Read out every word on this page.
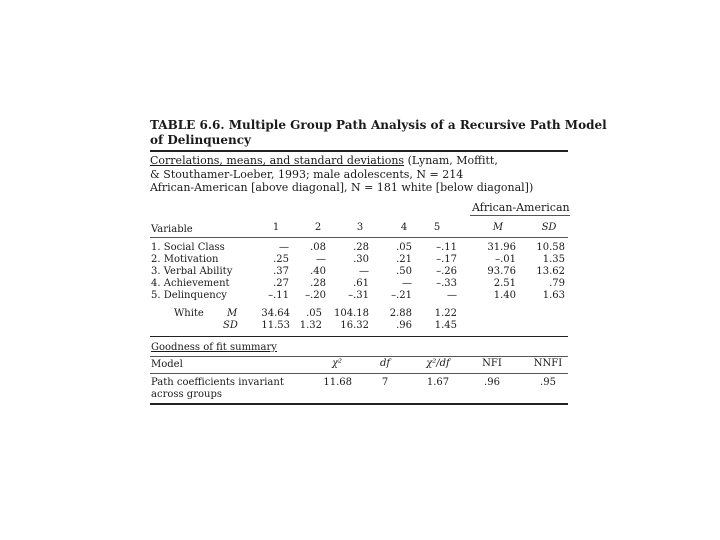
TABLE 6.6. Multiple Group Path Analysis of a Recursive Path Model
of Delinquency
Correlations, means, and standard deviations (Lynam, Moffitt,
& Stouthamer-Loeber, 1993; male adolescents, N = 214
African-American [above diagonal], N = 181 white [below diagonal])
African-American
Variable	1	2	3	4	5	M	SD
1. Social Class	—	.08	.28	.05	–.11	31.96	10.58
2. Motivation	.25	—	.30	.21	–.17	–.01	1.35
3. Verbal Ability	.37	.40	—	.50	–.26	93.76	13.62
4. Achievement	.27	.28	.61	—	–.33	2.51	.79
5. Delinquency	–.11	–.20	–.31	–.21	—	1.40	1.63
White M	34.64	.05	104.18	2.88	1.22
SD	11.53 1.32	16.32	.96	1.45
Goodness of fit summary
Model	χ²	df	χ²/df	NFI	NNFI
Path coefficients invariant
across groups
11.68	7	1.67	.96	.95
